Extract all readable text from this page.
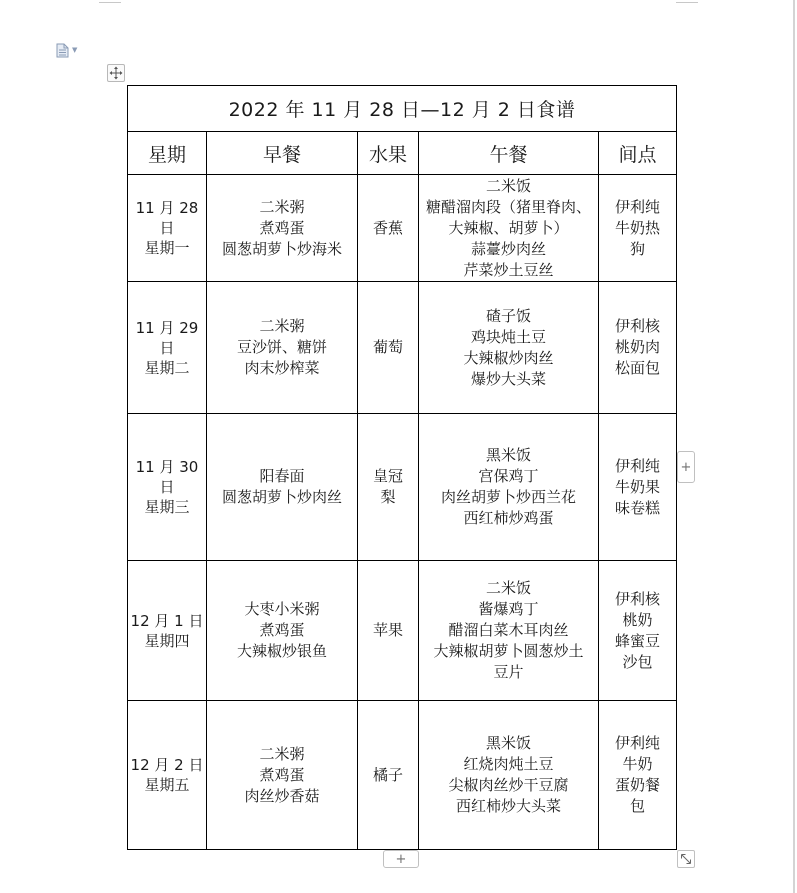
▼
2022 年 11 月 28 日—12 月 2 日食谱				
星期	早餐	水果	午餐	间点

11 月 28
日
星期一	二米粥
煮鸡蛋
圆葱胡萝卜炒海米	香蕉	二米饭
糖醋溜肉段（猪里脊肉、
大辣椒、胡萝卜）
蒜薹炒肉丝
芹菜炒土豆丝	伊利纯
牛奶热
狗

11 月 29
日
星期二	二米粥
豆沙饼、糖饼
肉末炒榨菜	葡萄	碴子饭
鸡块炖土豆
大辣椒炒肉丝
爆炒大头菜	伊利核
桃奶肉
松面包

11 月 30
日
星期三	阳春面
圆葱胡萝卜炒肉丝	皇冠
梨	黑米饭
宫保鸡丁
肉丝胡萝卜炒西兰花
西红柿炒鸡蛋	伊利纯
牛奶果
味卷糕

12 月 1 日
星期四	大枣小米粥
煮鸡蛋
大辣椒炒银鱼	苹果	二米饭
酱爆鸡丁
醋溜白菜木耳肉丝
大辣椒胡萝卜圆葱炒土
豆片	伊利核
桃奶
蜂蜜豆
沙包

12 月 2 日
星期五	二米粥
煮鸡蛋
肉丝炒香菇	橘子	黑米饭
红烧肉炖土豆
尖椒肉丝炒干豆腐
西红柿炒大头菜	伊利纯
牛奶
蛋奶餐
包
+
+
